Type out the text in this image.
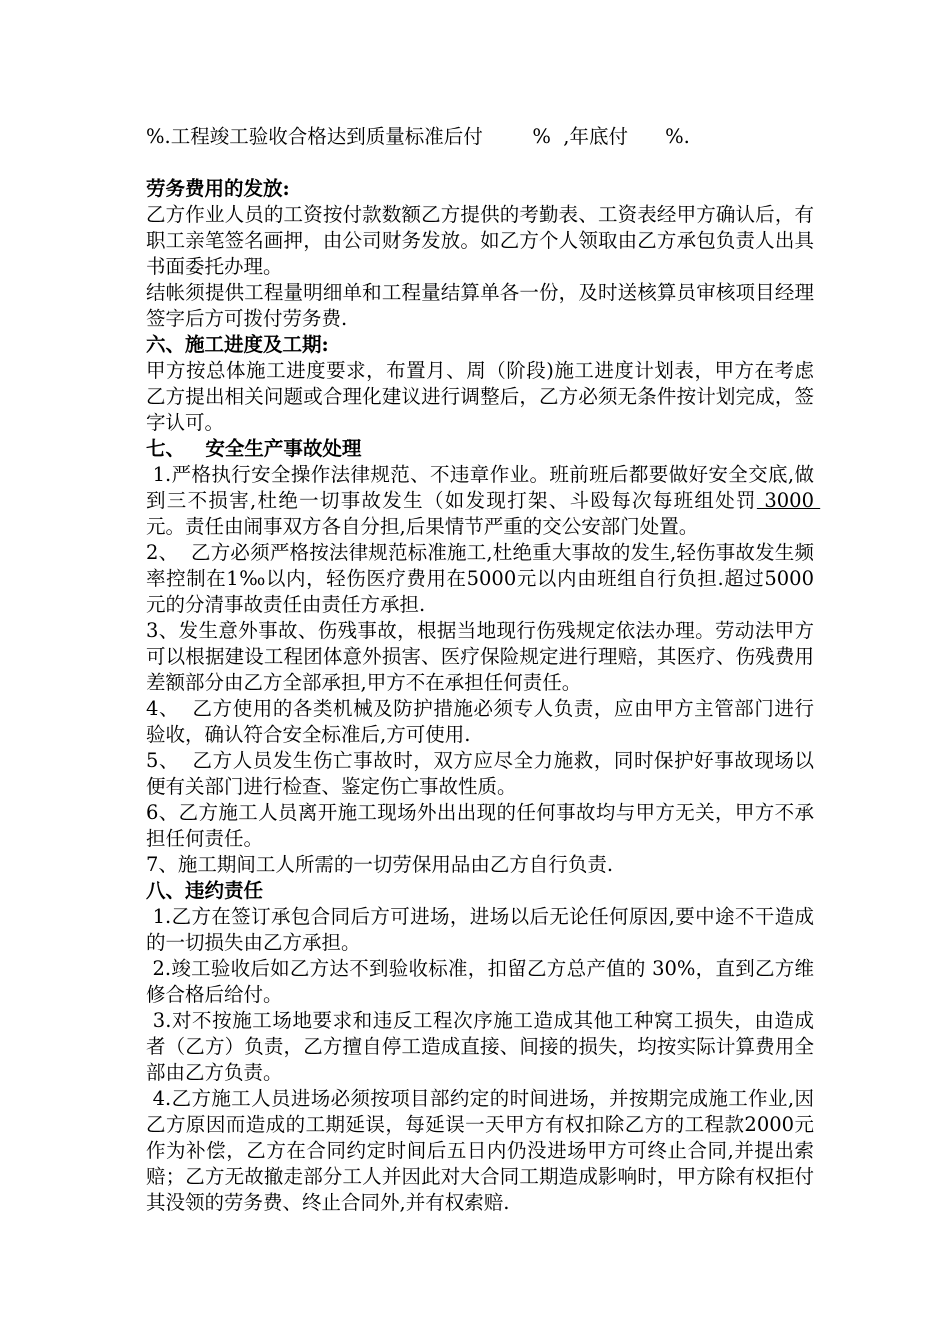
%.工程竣工验收合格达到质量标准后付        %  ,年底付      %.

劳务费用的发放:

乙方作业人员的工资按付款数额乙方提供的考勤表、工资表经甲方确认后，有职工亲笔签名画押，由公司财务发放。如乙方个人领取由乙方承包负责人出具书面委托办理。

结帐须提供工程量明细单和工程量结算单各一份，及时送核算员审核项目经理签字后方可拨付劳务费.

六、施工进度及工期:

甲方按总体施工进度要求，布置月、周（阶段)施工进度计划表，甲方在考虑乙方提出相关问题或合理化建议进行调整后，乙方必须无条件按计划完成，签字认可。

七、   安全生产事故处理

1.严格执行安全操作法律规范、不违章作业。班前班后都要做好安全交底,做到三不损害,杜绝一切事故发生（如发现打架、斗殴每次每班组处罚 3000 元。责任由闹事双方各自分担,后果情节严重的交公安部门处置。

2、  乙方必须严格按法律规范标准施工,杜绝重大事故的发生,轻伤事故发生频率控制在1‰以内，轻伤医疗费用在5000元以内由班组自行负担.超过5000元的分清事故责任由责任方承担.

3、发生意外事故、伤残事故，根据当地现行伤残规定依法办理。劳动法甲方可以根据建设工程团体意外损害、医疗保险规定进行理赔，其医疗、伤残费用差额部分由乙方全部承担,甲方不在承担任何责任。

4、  乙方使用的各类机械及防护措施必须专人负责，应由甲方主管部门进行验收，确认符合安全标准后,方可使用.

5、  乙方人员发生伤亡事故时，双方应尽全力施救，同时保护好事故现场以便有关部门进行检查、鉴定伤亡事故性质。

6、乙方施工人员离开施工现场外出出现的任何事故均与甲方无关，甲方不承担任何责任。

7、施工期间工人所需的一切劳保用品由乙方自行负责.

八、违约责任

1.乙方在签订承包合同后方可进场，进场以后无论任何原因,要中途不干造成的一切损失由乙方承担。

2.竣工验收后如乙方达不到验收标准，扣留乙方总产值的 30%，直到乙方维修合格后给付。

3.对不按施工场地要求和违反工程次序施工造成其他工种窝工损失，由造成者（乙方）负责，乙方擅自停工造成直接、间接的损失，均按实际计算费用全部由乙方负责。

4.乙方施工人员进场必须按项目部约定的时间进场，并按期完成施工作业,因乙方原因而造成的工期延误，每延误一天甲方有权扣除乙方的工程款2000元作为补偿，乙方在合同约定时间后五日内仍没进场甲方可终止合同,并提出索赔；乙方无故撤走部分工人并因此对大合同工期造成影响时，甲方除有权拒付其没领的劳务费、终止合同外,并有权索赔.
